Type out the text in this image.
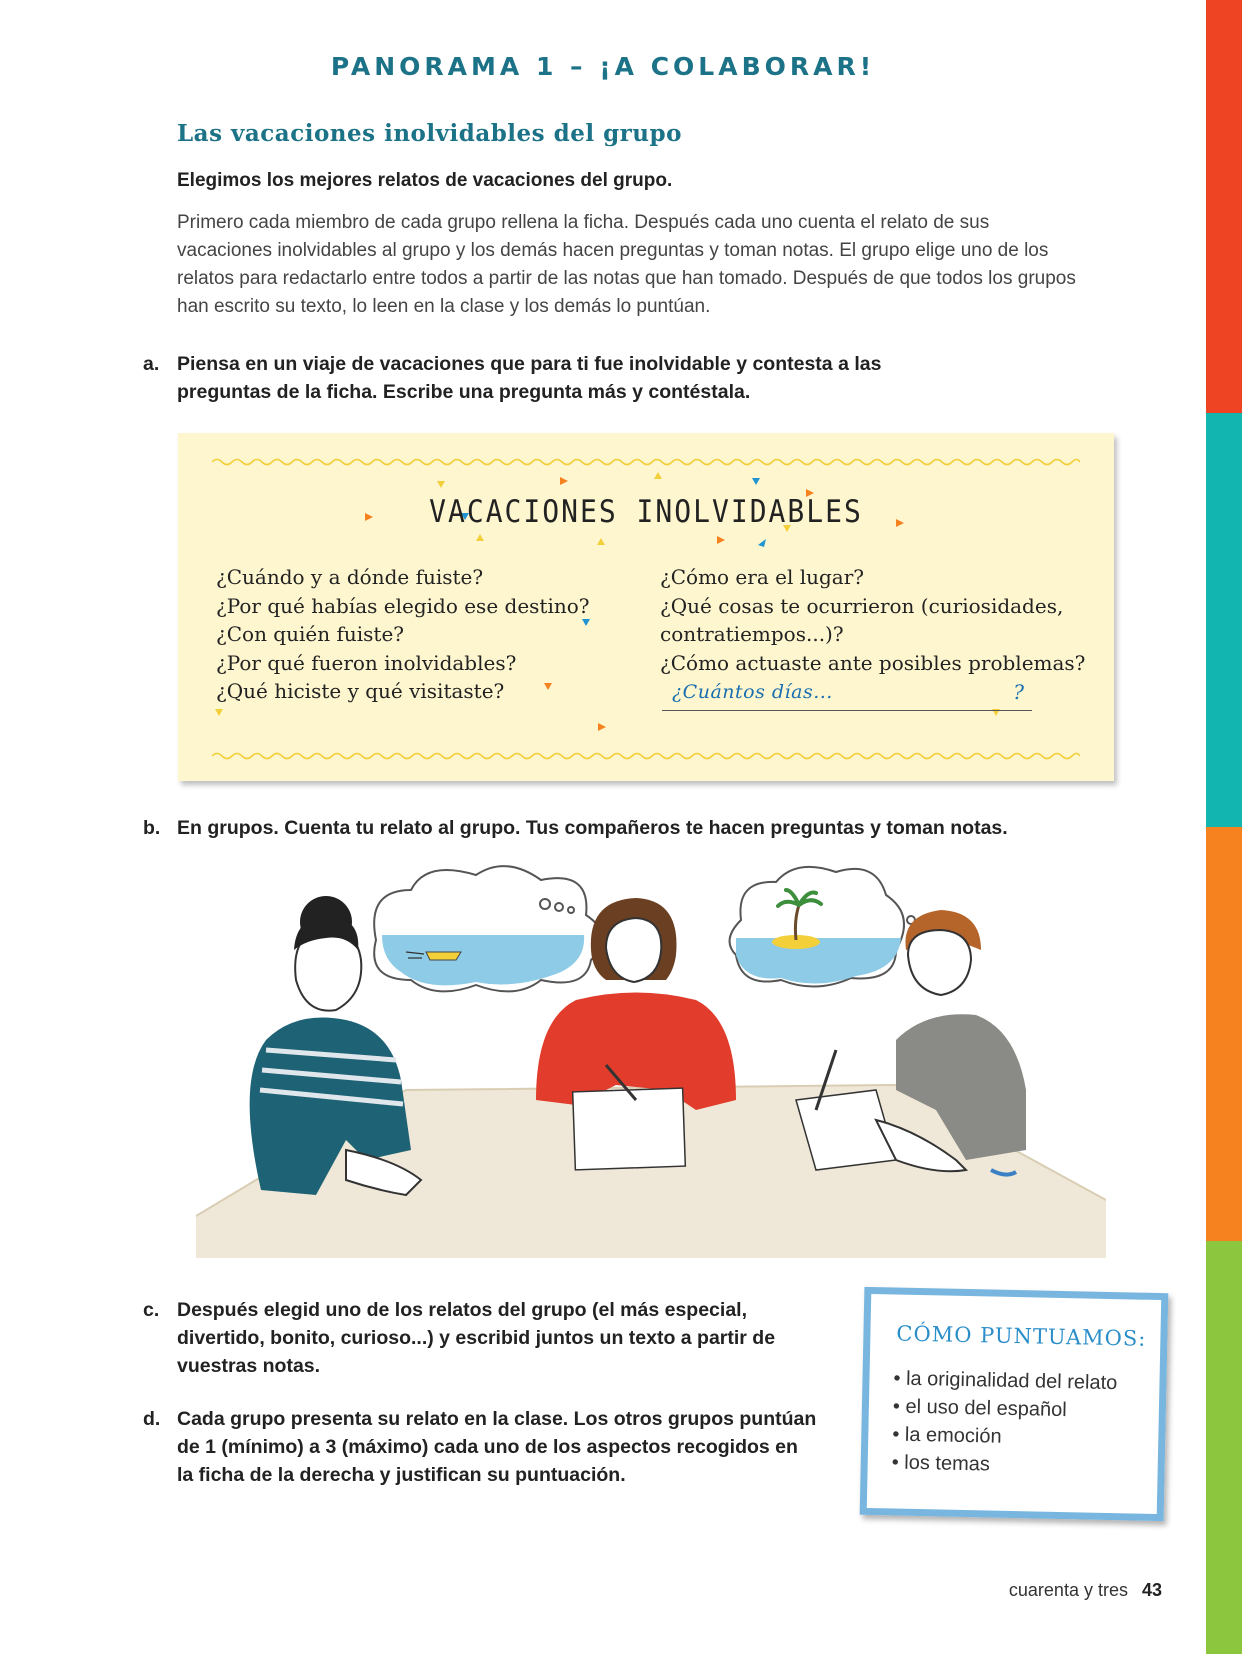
PANORAMA 1 – ¡A COLABORAR!
Las vacaciones inolvidables del grupo
Elegimos los mejores relatos de vacaciones del grupo.
Primero cada miembro de cada grupo rellena la ficha. Después cada uno cuenta el relato de sus vacaciones inolvidables al grupo y los demás hacen preguntas y toman notas. El grupo elige uno de los relatos para redactarlo entre todos a partir de las notas que han tomado. Después de que todos los grupos han escrito su texto, lo leen en la clase y los demás lo puntúan.
a. Piensa en un viaje de vacaciones que para ti fue inolvidable y contesta a las preguntas de la ficha. Escribe una pregunta más y contéstala.
VACACIONES INOLVIDABLES
¿Cuándo y a dónde fuiste?
¿Por qué habías elegido ese destino?
¿Con quién fuiste?
¿Por qué fueron inolvidables?
¿Qué hiciste y qué visitaste?
¿Cómo era el lugar?
¿Qué cosas te ocurrieron (curiosidades,
contratiempos...)?
¿Cómo actuaste ante posibles problemas?
¿Cuántos días...	?
b. En grupos. Cuenta tu relato al grupo. Tus compañeros te hacen preguntas y toman notas.
c. Después elegid uno de los relatos del grupo (el más especial, divertido, bonito, curioso...) y escribid juntos un texto a partir de vuestras notas.
d. Cada grupo presenta su relato en la clase. Los otros grupos puntúan de 1 (mínimo) a 3 (máximo) cada uno de los aspectos recogidos en la ficha de la derecha y justifican su puntuación.
CÓMO PUNTUAMOS:
• la originalidad del relato
• el uso del español
• la emoción
• los temas
cuarenta y tres 43
